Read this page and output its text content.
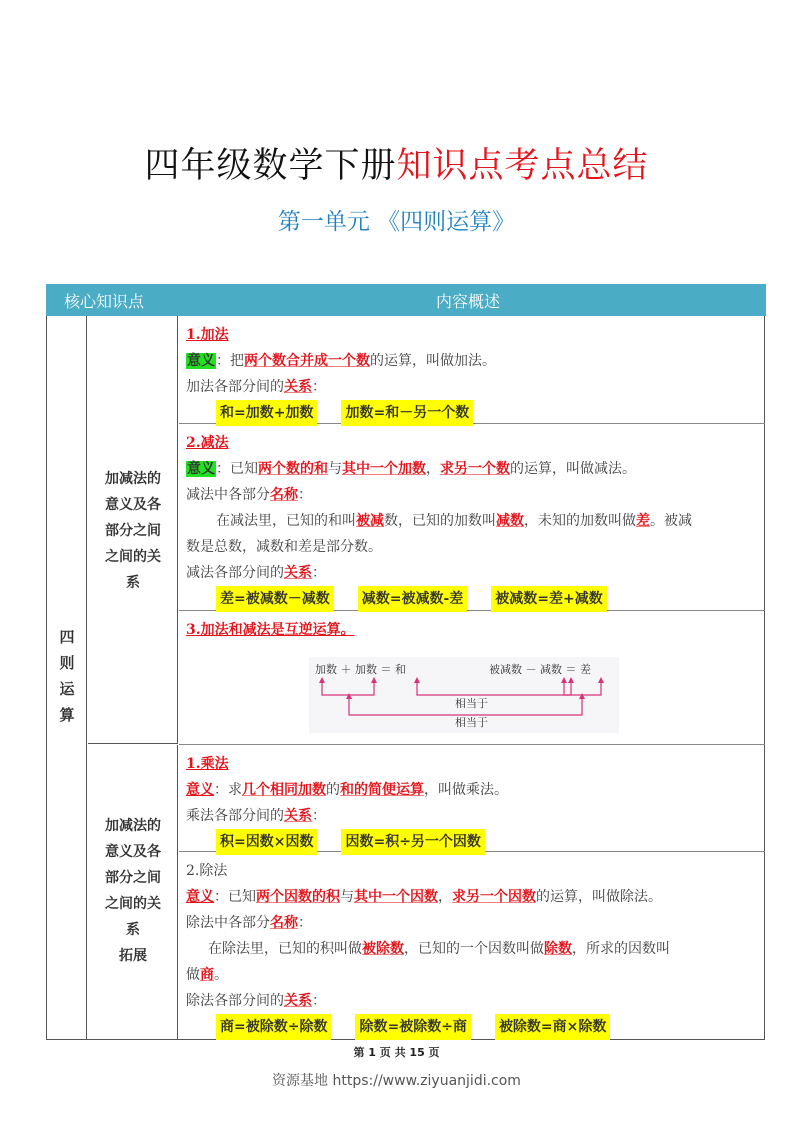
四年级数学下册知识点考点总结
第一单元 《四则运算》
核心知识点	内容概述
四则运算
加减法的
意义及各
部分之间
之间的关
系
加减法的
意义及各
部分之间
之间的关
系
拓展
1.加法
意义：把两个数合并成一个数的运算，叫做加法。
加法各部分间的关系：
和=加数+加数 加数=和－另一个数
2.减法
意义：已知两个数的和与其中一个加数，求另一个数的运算，叫做减法。
减法中各部分名称：
在减法里，已知的和叫被减数，已知的加数叫减数，未知的加数叫做差。被减
数是总数，减数和差是部分数。
减法各部分间的关系：
差=被减数－减数 减数=被减数-差 被减数=差+减数
3.加法和减法是互逆运算。
加数 ＋ 加数 ＝ 和	被减数 － 减数 ＝ 差
相当于
相当于
1.乘法
意义：求几个相同加数的和的简便运算，叫做乘法。
乘法各部分间的关系：
积=因数×因数 因数=积÷另一个因数
2.除法
意义：已知两个因数的积与其中一个因数，求另一个因数的运算，叫做除法。
除法中各部分名称：
在除法里，已知的积叫做被除数，已知的一个因数叫做除数，所求的因数叫
做商。
除法各部分间的关系：
商=被除数÷除数 除数=被除数÷商 被除数=商×除数
第 1 页 共 15 页
资源基地 https://www.ziyuanjidi.com
